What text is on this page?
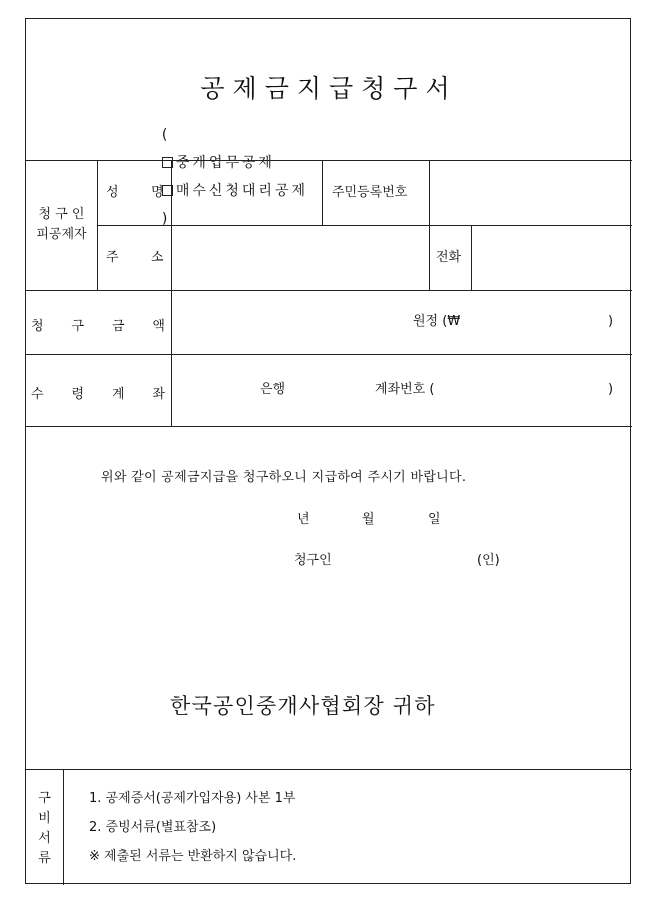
공제금지급청구서

(

중개업무공제

매수신청대리공제

)

청 구 인
피공제자
성 명	주민등록번호
주 소	전화
청 구 금 액	원정 (₩	)
수 령 계 좌	은행	계좌번호 (	)
위와 같이 공제금지급을 청구하오니 지급하여 주시기 바랍니다.
년	월	일
청구인	(인)
한국공인중개사협회장 귀하
구
비
서
류
1. 공제증서(공제가입자용) 사본 1부
2. 증빙서류(별표참조)
※ 제출된 서류는 반환하지 않습니다.
